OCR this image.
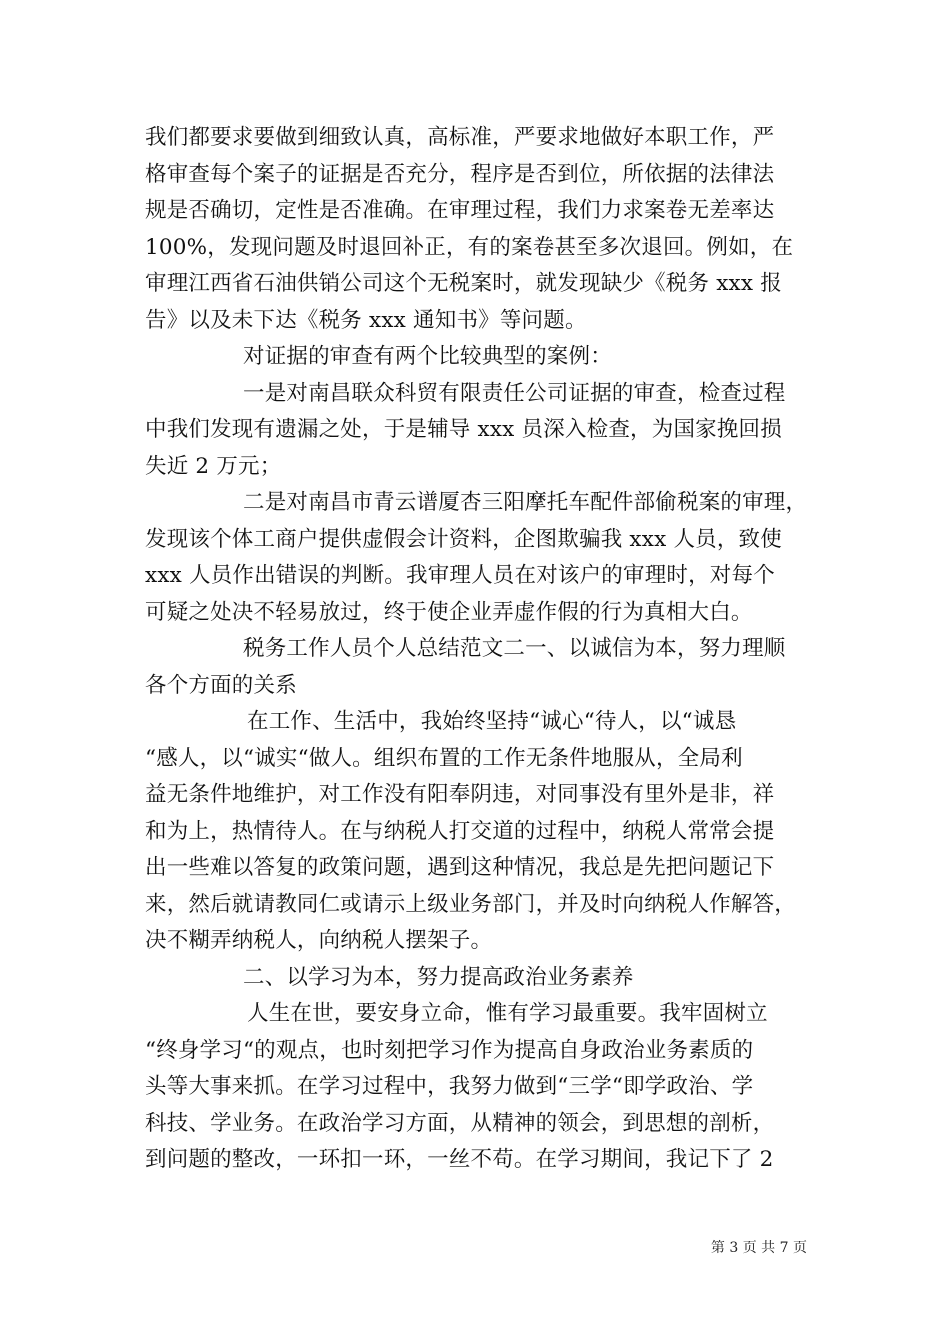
我们都要求要做到细致认真，高标准，严要求地做好本职工作，严
格审查每个案子的证据是否充分，程序是否到位，所依据的法律法
规是否确切，定性是否准确。在审理过程，我们力求案卷无差率达
100%，发现问题及时退回补正，有的案卷甚至多次退回。例如，在
审理江西省石油供销公司这个无税案时，就发现缺少《税务 xxx 报
告》以及未下达《税务 xxx 通知书》等问题。
对证据的审查有两个比较典型的案例：
一是对南昌联众科贸有限责任公司证据的审查，检查过程
中我们发现有遗漏之处，于是辅导 xxx 员深入检查，为国家挽回损
失近 2 万元；
二是对南昌市青云谱厦杏三阳摩托车配件部偷税案的审理，
发现该个体工商户提供虚假会计资料，企图欺骗我 xxx 人员，致使
xxx 人员作出错误的判断。我审理人员在对该户的审理时，对每个
可疑之处决不轻易放过，终于使企业弄虚作假的行为真相大白。
税务工作人员个人总结范文二一、以诚信为本，努力理顺
各个方面的关系
在工作、生活中，我始终坚持“诚心“待人，以“诚恳
“感人，以“诚实“做人。组织布置的工作无条件地服从，全局利
益无条件地维护，对工作没有阳奉阴违，对同事没有里外是非，祥
和为上，热情待人。在与纳税人打交道的过程中，纳税人常常会提
出一些难以答复的政策问题，遇到这种情况，我总是先把问题记下
来，然后就请教同仁或请示上级业务部门，并及时向纳税人作解答，
决不糊弄纳税人，向纳税人摆架子。
二、以学习为本，努力提高政治业务素养
人生在世，要安身立命，惟有学习最重要。我牢固树立
“终身学习“的观点，也时刻把学习作为提高自身政治业务素质的
头等大事来抓。在学习过程中，我努力做到“三学“即学政治、学
科技、学业务。在政治学习方面，从精神的领会，到思想的剖析，
到问题的整改，一环扣一环，一丝不苟。在学习期间，我记下了 2
第 3 页 共 7 页
